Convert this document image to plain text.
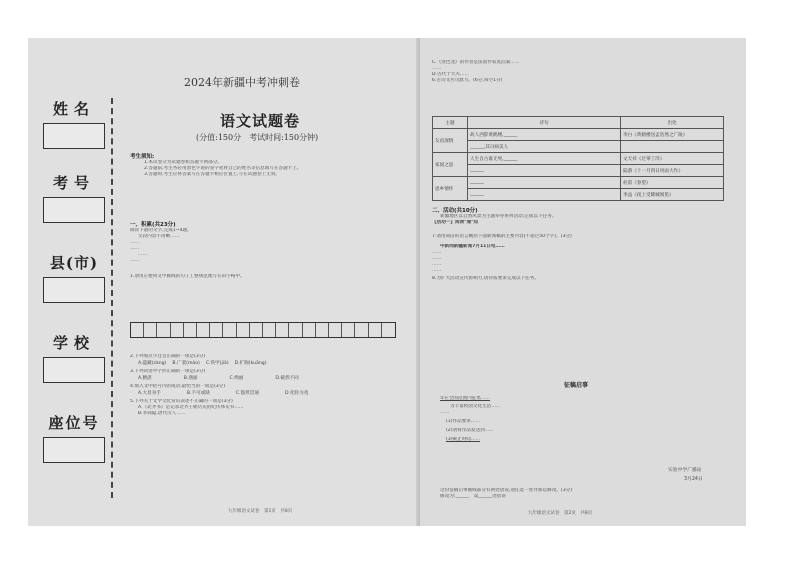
姓名
考号
县(市)
学校
座位号
2024年新疆中考冲刺卷
语文试题卷
(分值:150分　考试时间:150分钟)
考生须知:
1.本试卷分为试题卷和答题卡两部分。
2.答题前,考生务必用黑色字迹的签字笔将自己的姓名等信息填写在答题卡上。
3.答题时,考生应将答案写在答题卡相应位置上,写在试题卷上无效。
一、积累(共23分)
阅读下面的文字,完成1~4题。
文段内容不清晰……
……
……
……
……
1.请用正楷将文中画线的句子工整规范地写在田字格中。
2.下列加点字注音正确的一项是(3分)
A.蕴藏(zàng) B.广袤(máo) C.铁甲(jiǎ) D.扩胸(kuāng)
3.下列词语中字形正确的一项是(3分)
A.精湛	B.汹涌	C.绚丽	D.截然不同
4.填入文中括号内的成语,最恰当的一项是(3分)
A.大显身手	B.不可或缺	C.豁然贯通	D.化险为夷
5.下列关于文学文化常识表述不正确的一项是(3分)
A.《北齐书》是记录北齐王朝历史的纪传体史书……
B.李商隐,唐代诗人……
九年级语文试卷　第1页　共8页
C.《变色龙》的作者是法国作家莫泊桑……
……
D.古代十大夫……
6.古诗文名句默写。(6分,每空1分)
主题	诗句	出处
友谊深情	故人西辞黄鹤楼,______	李白《黄鹤楼送孟浩然之广陵》
	______,其日病美人	
家国之思	人生自古谁无死,______	文天祥《过零丁洋》
	______	陆游《十一月四日风雨大作》
思乡情怀	______	杜甫《春望》
	______	李益《夜上受降城闻笛》
二、活动(共10分)
新疆地区以自然风景为主题举办系列活动,完成以下任务。
【活动一】阅读"通"知
7.请用简洁的语言概括下面新闻稿的主要内容(不超过50个字)。(3分)
中新网新疆新闻7月11日电……
……
……
……
……
8.为扩大活动宣传影响力,请你按要求完成以下任务。
征稿启事
①在全国范围内征集……
为丰富校园文化生活……
……
(1)作品要求……
(2)请将作品发送到……
(3)截止时间……
实验中学广播站
3月24日
这份征稿启事画线部分有两处错误,请任选一处并加以修改。(3分)
修改为:______　第______处错误
九年级语文试卷　第2页　共8页
